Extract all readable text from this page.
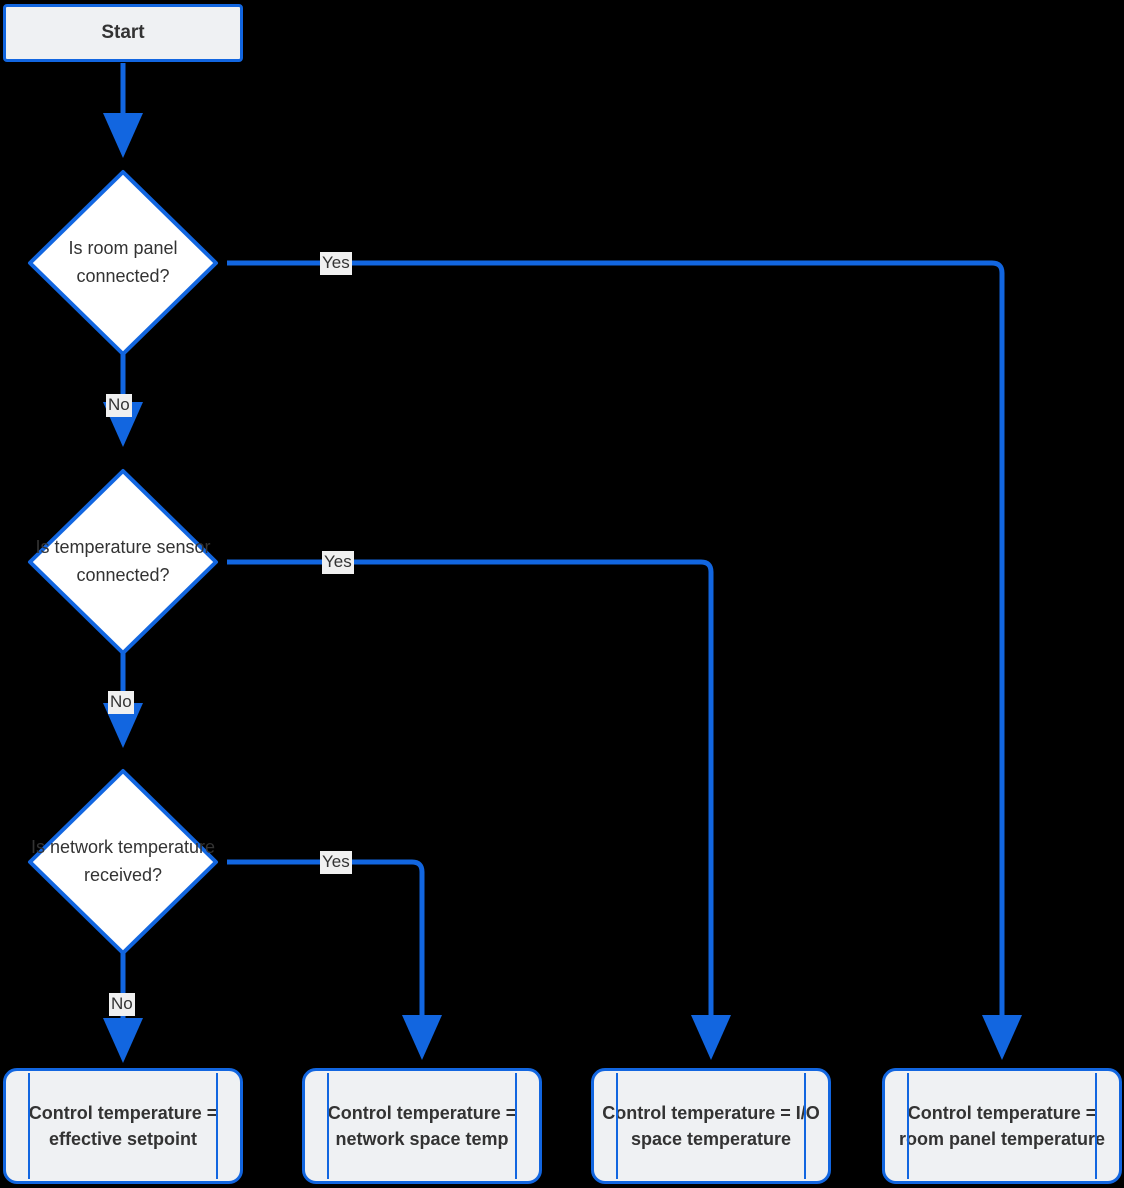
Start
Is room panel connected?
Is temperature sensor connected?
Is network temperature received?
Yes
No
Yes
No
Yes
No
Control temperature = effective setpoint
Control temperature = network space temp
Control temperature = I/O space temperature
Control temperature = room panel temperature
